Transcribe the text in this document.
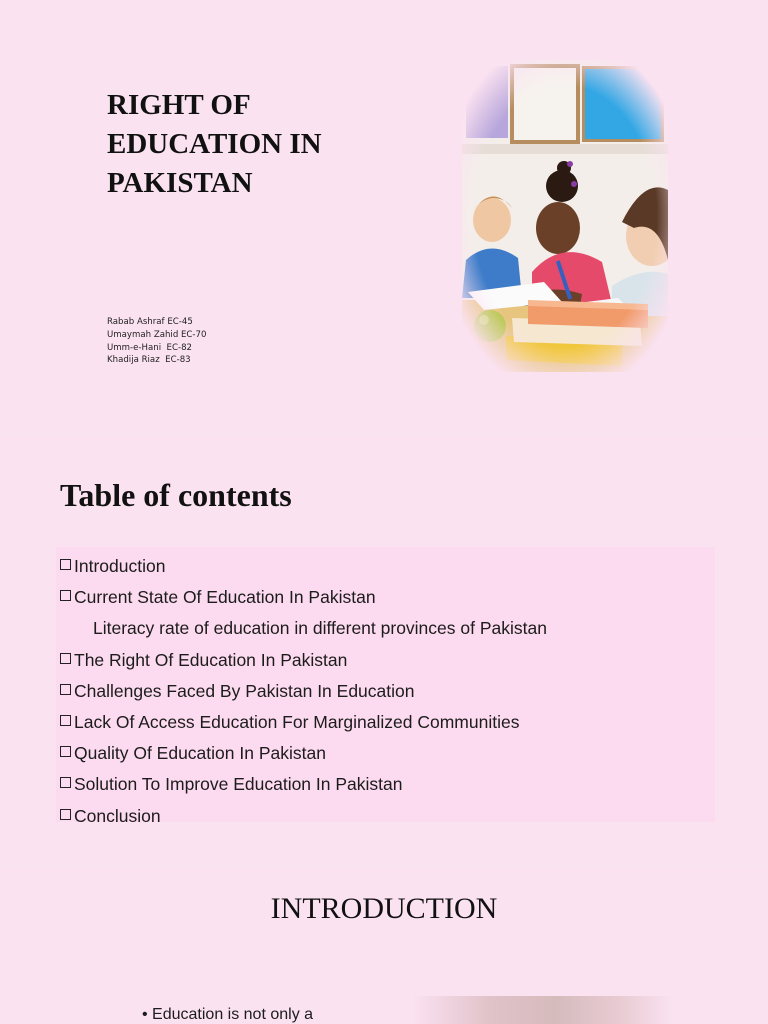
RIGHT OF
EDUCATION IN
PAKISTAN
Rabab Ashraf EC-45
Umaymah Zahid EC-70
Umm-e-Hani  EC-82
Khadija Riaz  EC-83
Table of contents
Introduction
Current State Of Education In Pakistan
Literacy rate of education in different provinces of Pakistan
The Right Of Education In Pakistan
Challenges Faced By Pakistan In Education
Lack Of Access Education For Marginalized Communities
Quality Of Education In Pakistan
Solution To Improve Education In Pakistan
Conclusion
INTRODUCTION
• Education is not only a
